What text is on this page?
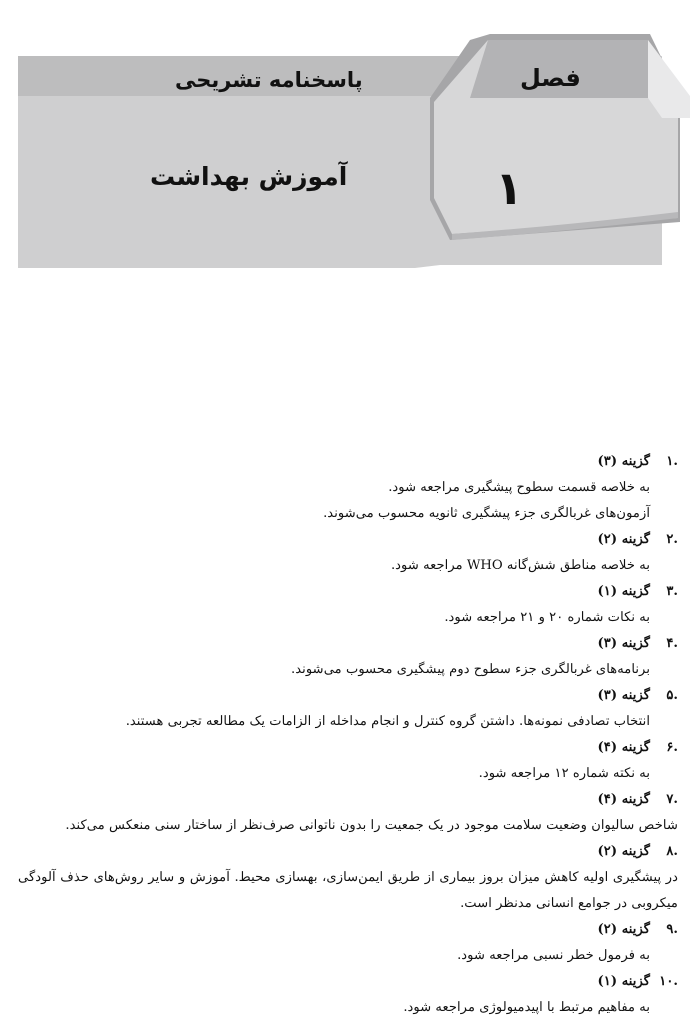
فصل
۱
پاسخنامه تشریحی
آموزش بهداشت
۱.
گزینه (۳)

به خلاصه قسمت سطوح پیشگیری مراجعه شود.

آزمون‌های غربالگری جزء پیشگیری ثانویه محسوب می‌شوند.

۲.
گزینه (۲)

به خلاصه مناطق شش‌گانه WHO مراجعه شود.

۳.
گزینه (۱)

به نکات شماره ۲۰ و ۲۱ مراجعه شود.

۴.
گزینه (۳)

برنامه‌های غربالگری جزء سطوح دوم پیشگیری محسوب می‌شوند.

۵.
گزینه (۳)

انتخاب تصادفی نمونه‌ها. داشتن گروه کنترل و انجام مداخله از الزامات یک مطالعه تجربی هستند.

۶.
گزینه (۴)

به نکته شماره ۱۲ مراجعه شود.

۷.
گزینه (۴)

شاخص سالیوان وضعیت سلامت موجود در یک جمعیت را بدون ناتوانی صرف‌نظر از ساختار سنی منعکس می‌کند.

۸.
گزینه (۲)

در پیشگیری اولیه کاهش میزان بروز بیماری از طریق ایمن‌سازی، بهسازی محیط. آموزش و سایر روش‌های حذف آلودگی میکروبی در جوامع انسانی مدنظر است.

۹.
گزینه (۲)

به فرمول خطر نسبی مراجعه شود.

۱۰.
گزینه (۱)

به مفاهیم مرتبط با اپیدمیولوژی مراجعه شود.
